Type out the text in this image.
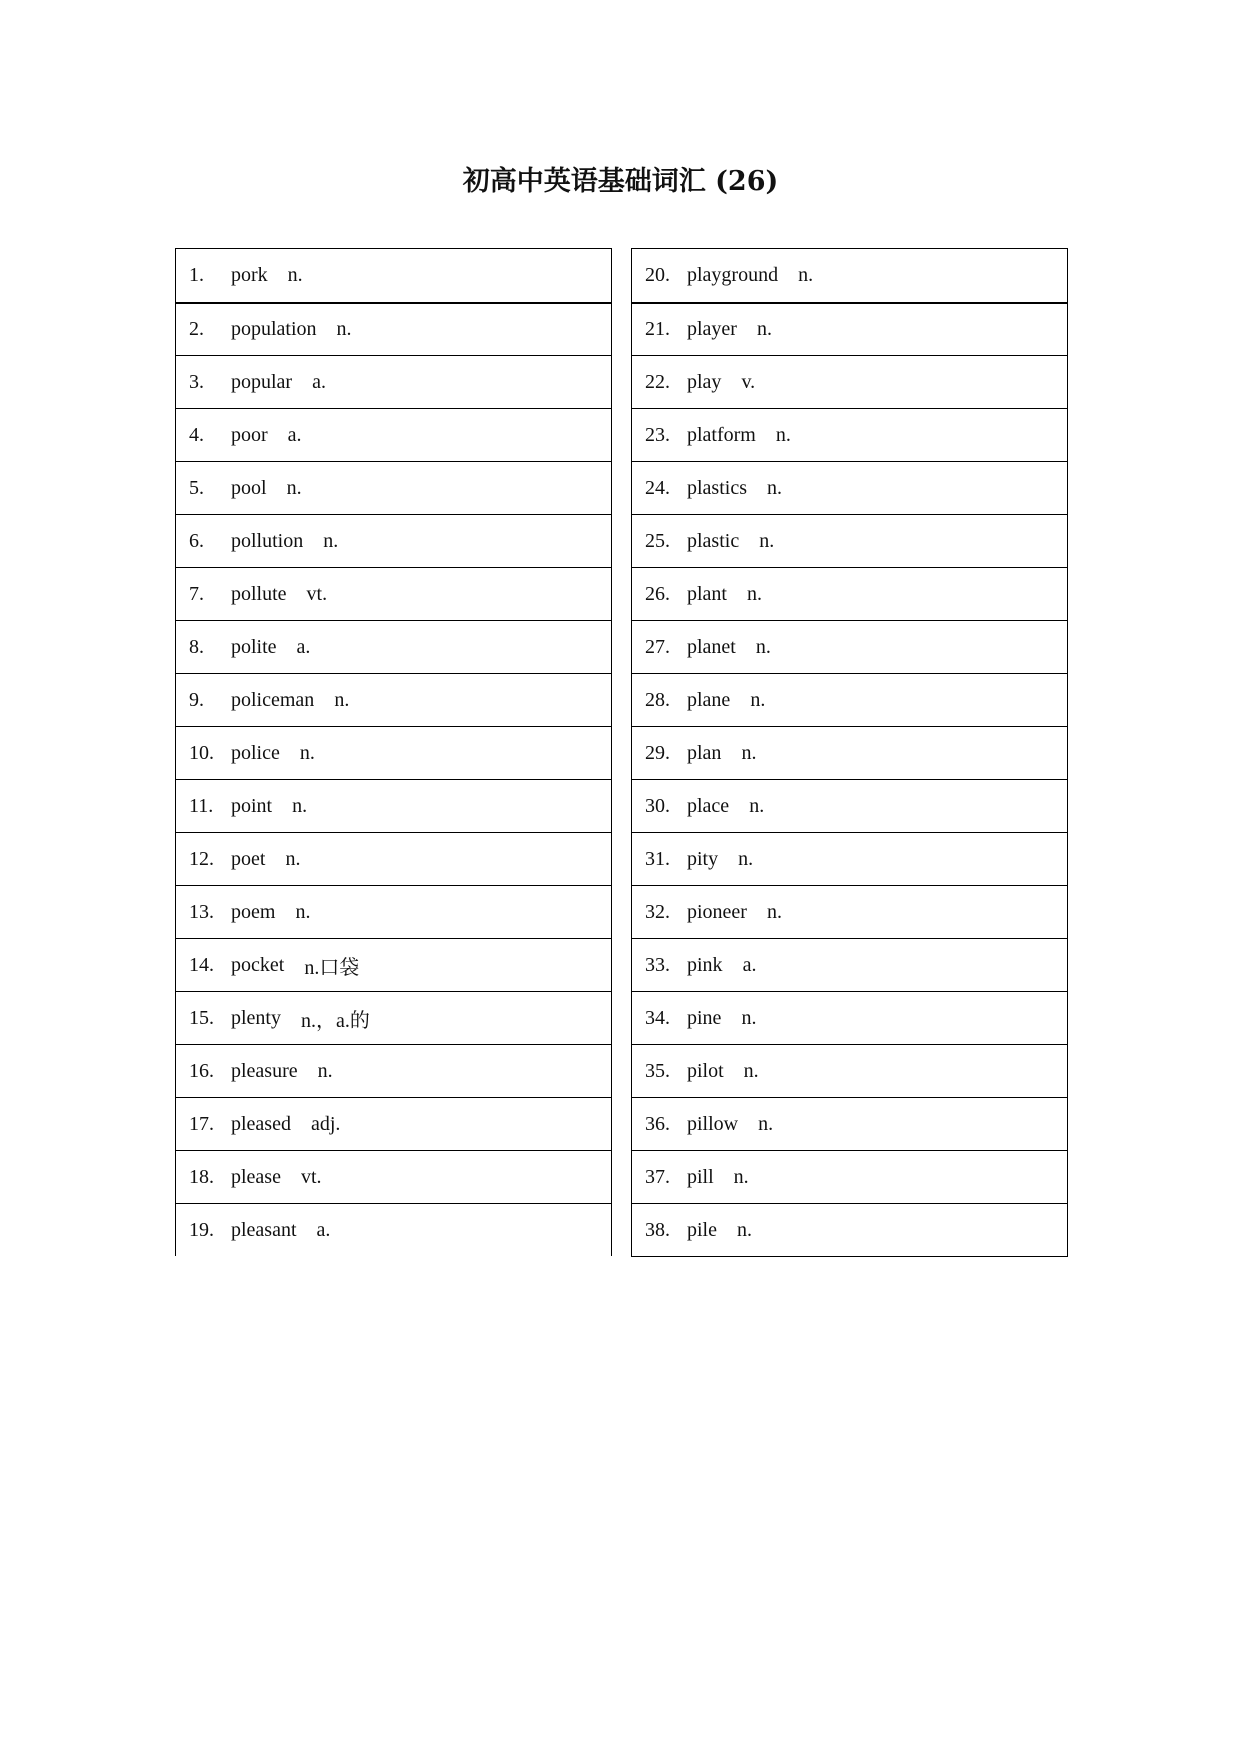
初高中英语基础词汇 (26)
1.	pork n.
2.	population n.
3.	popular a.
4.	poor a.
5.	pool n.
6.	pollution n.
7.	pollute vt.
8.	polite a.
9.	policeman n.
10. police n.
11. point n.
12. poet n.
13. poem n.
14. pocket n.口袋
15. plenty n.，a.的
16. pleasure n.
17. pleased adj.
18. please vt.
19. pleasant a.
20. playground n.
21. player n.
22. play v.
23. platform n.
24. plastics n.
25. plastic n.
26. plant n.
27. planet n.
28. plane n.
29. plan n.
30. place n.
31. pity n.
32. pioneer n.
33. pink a.
34. pine n.
35. pilot n.
36. pillow n.
37. pill n.
38. pile n.
